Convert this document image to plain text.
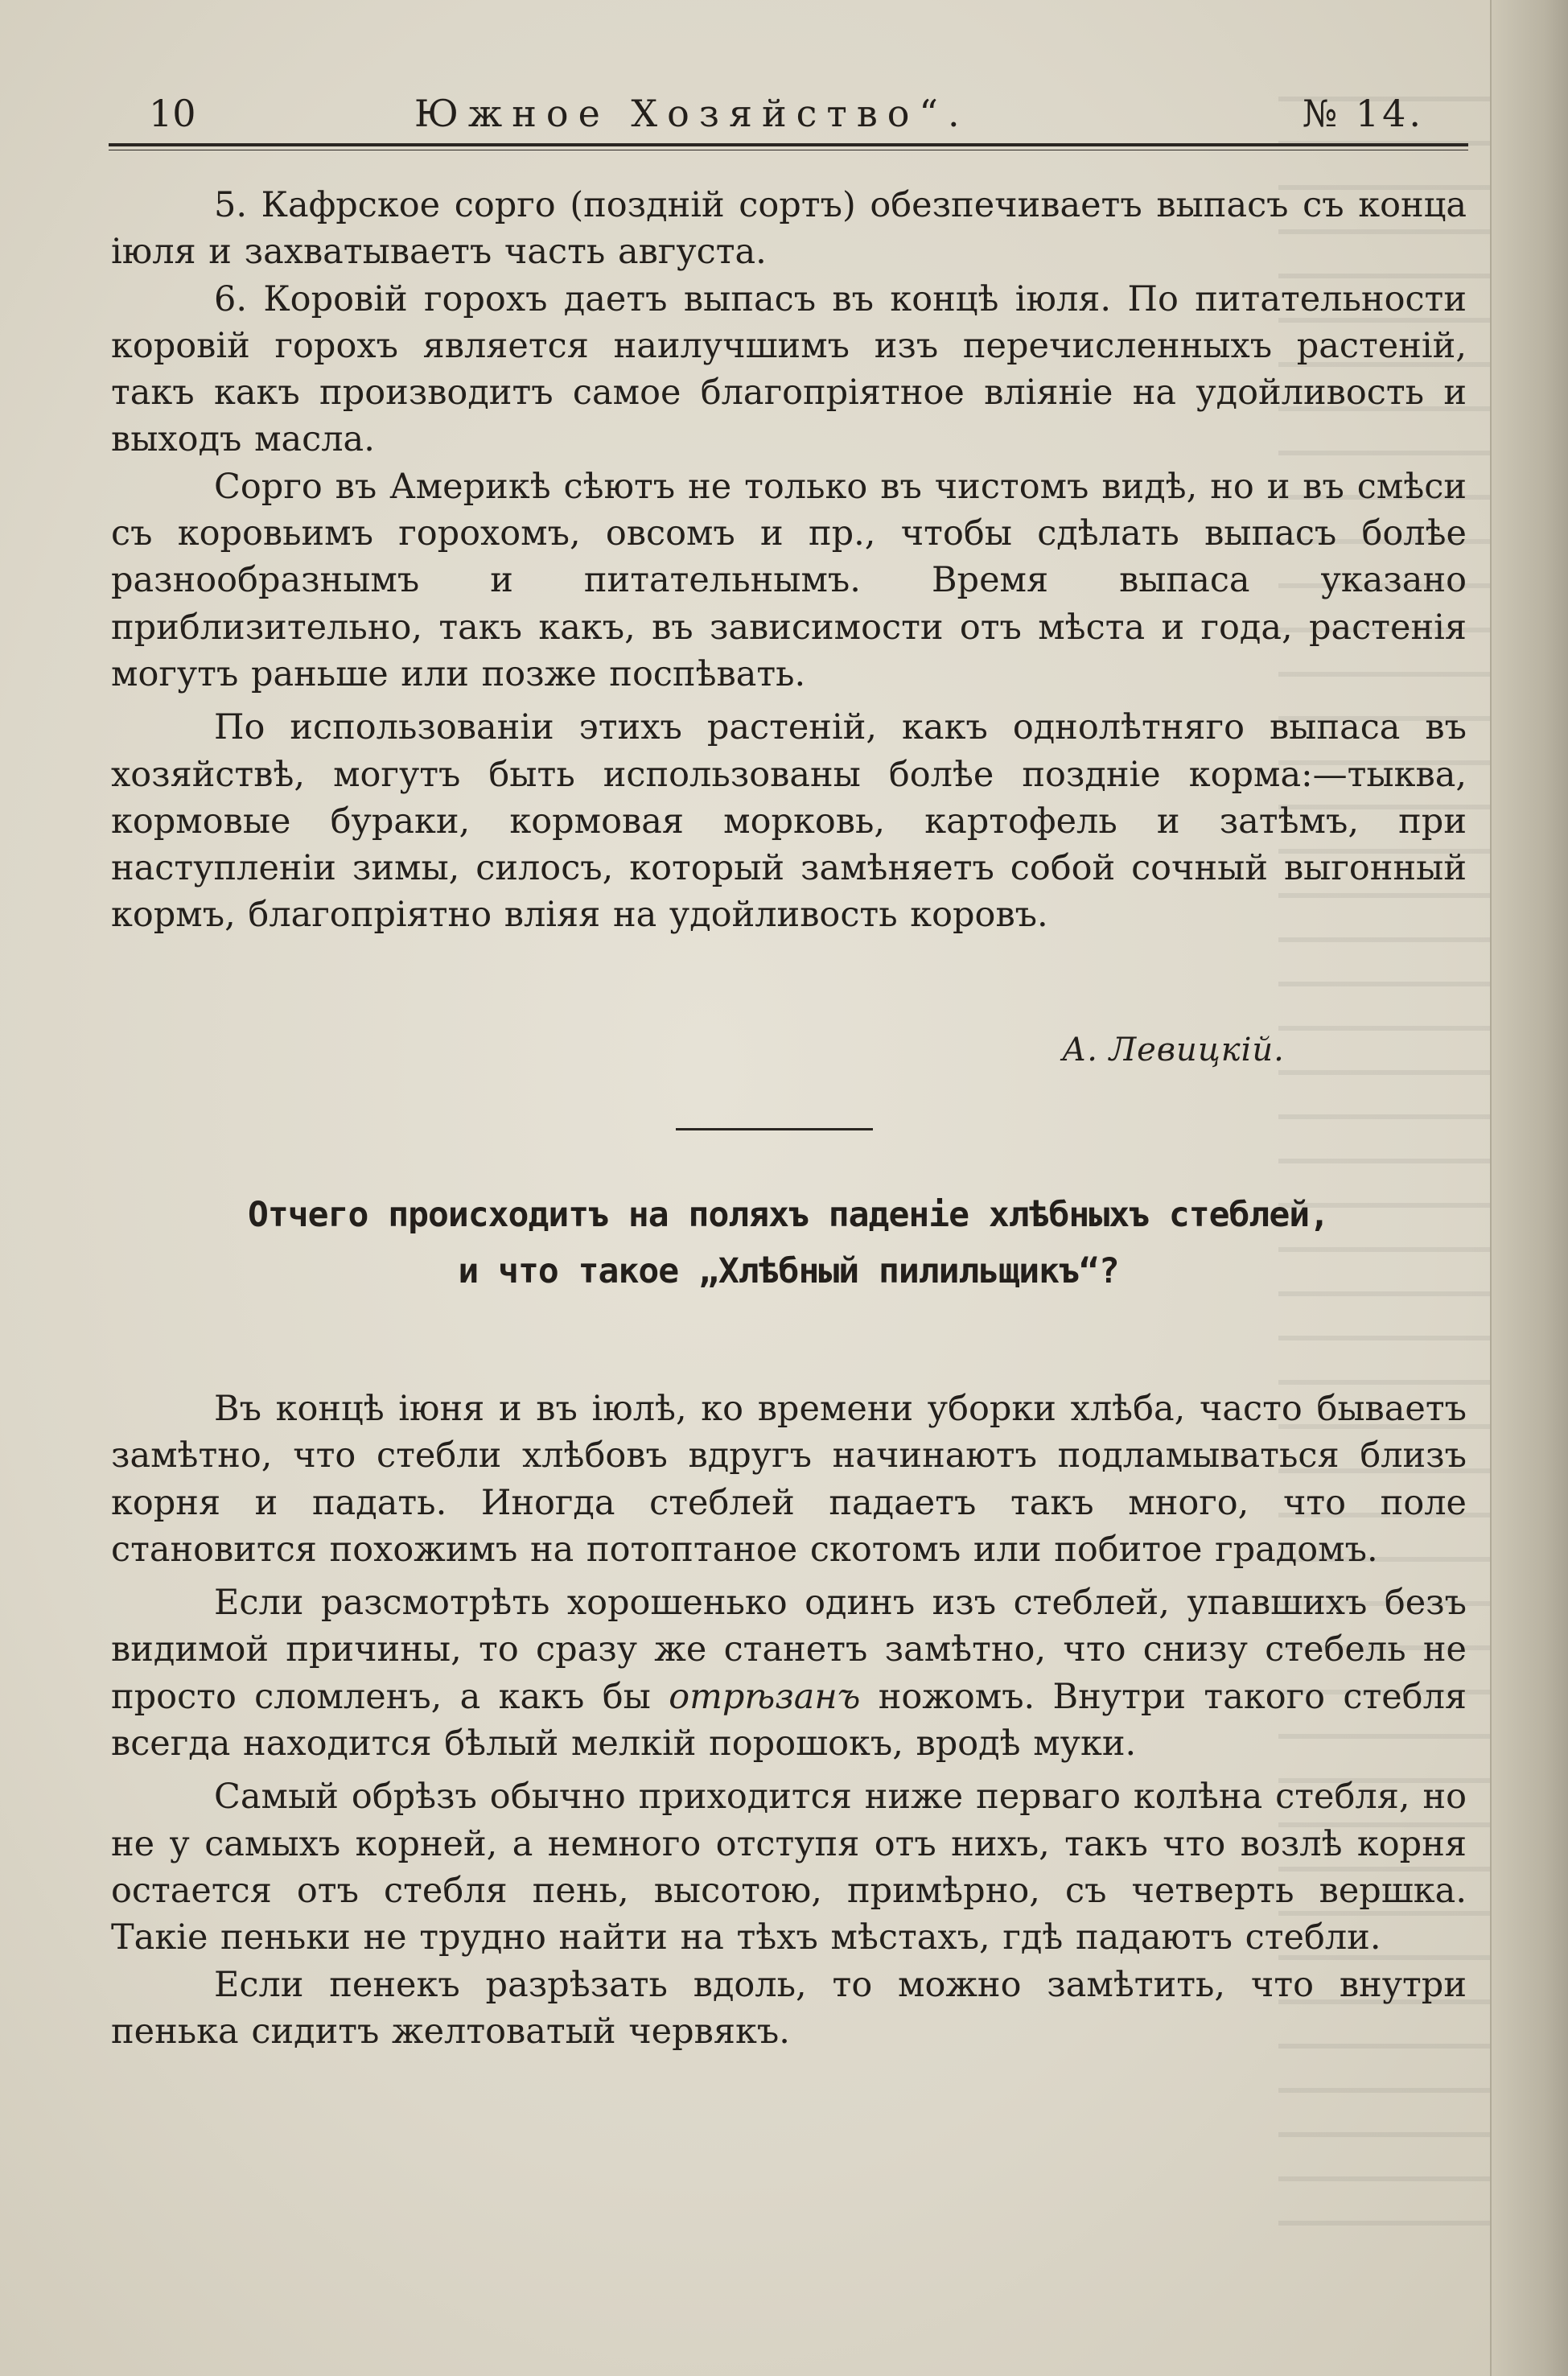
10	Южное Хозяйство“.	№ 14.

5. Кафрское сорго (поздній сортъ) обезпечиваетъ выпасъ съ конца іюля и захватываетъ часть августа.

6. Коровій горохъ даетъ выпасъ въ концѣ іюля. По питательности коровій горохъ является наилучшимъ изъ перечисленныхъ растеній, такъ какъ производитъ самое благопріятное вліяніе на удойливость и выходъ масла.

Сорго въ Америкѣ сѣютъ не только въ чистомъ видѣ, но и въ смѣси съ коровьимъ горохомъ, овсомъ и пр., чтобы сдѣлать выпасъ болѣе разнообразнымъ и питательнымъ. Время выпаса указано приблизительно, такъ какъ, въ зависимости отъ мѣста и года, растенія могутъ раньше или позже поспѣвать.

По использованіи этихъ растеній, какъ однолѣтняго выпаса въ хозяйствѣ, могутъ быть использованы болѣе поздніе корма:—тыква, кормовые бураки, кормовая морковь, картофель и затѣмъ, при наступленіи зимы, силосъ, который замѣняетъ собой сочный выгонный кормъ, благопріятно вліяя на удойливость коровъ.

А. Левицкій.
Отчего происходитъ на поляхъ паденіе хлѣбныхъ стеблей,
и что такое „Хлѣбный пилильщикъ“?

Въ концѣ іюня и въ іюлѣ, ко времени уборки хлѣба, часто бываетъ замѣтно, что стебли хлѣбовъ вдругъ начинаютъ подламываться близъ корня и падать. Иногда стеблей падаетъ такъ много, что поле становится похожимъ на потоптаное скотомъ или побитое градомъ.

Если разсмотрѣть хорошенько одинъ изъ стеблей, упавшихъ безъ видимой причины, то сразу же станетъ замѣтно, что снизу стебель не просто сломленъ, а какъ бы отрѣзанъ ножомъ. Внутри такого стебля всегда находится бѣлый мелкій порошокъ, вродѣ муки.

Самый обрѣзъ обычно приходится ниже перваго колѣна стебля, но не у самыхъ корней, а немного отступя отъ нихъ, такъ что возлѣ корня остается отъ стебля пень, высотою, примѣрно, съ четверть вершка. Такіе пеньки не трудно найти на тѣхъ мѣстахъ, гдѣ падаютъ стебли.

Если пенекъ разрѣзать вдоль, то можно замѣтить, что внутри пенька сидитъ желтоватый червякъ.
